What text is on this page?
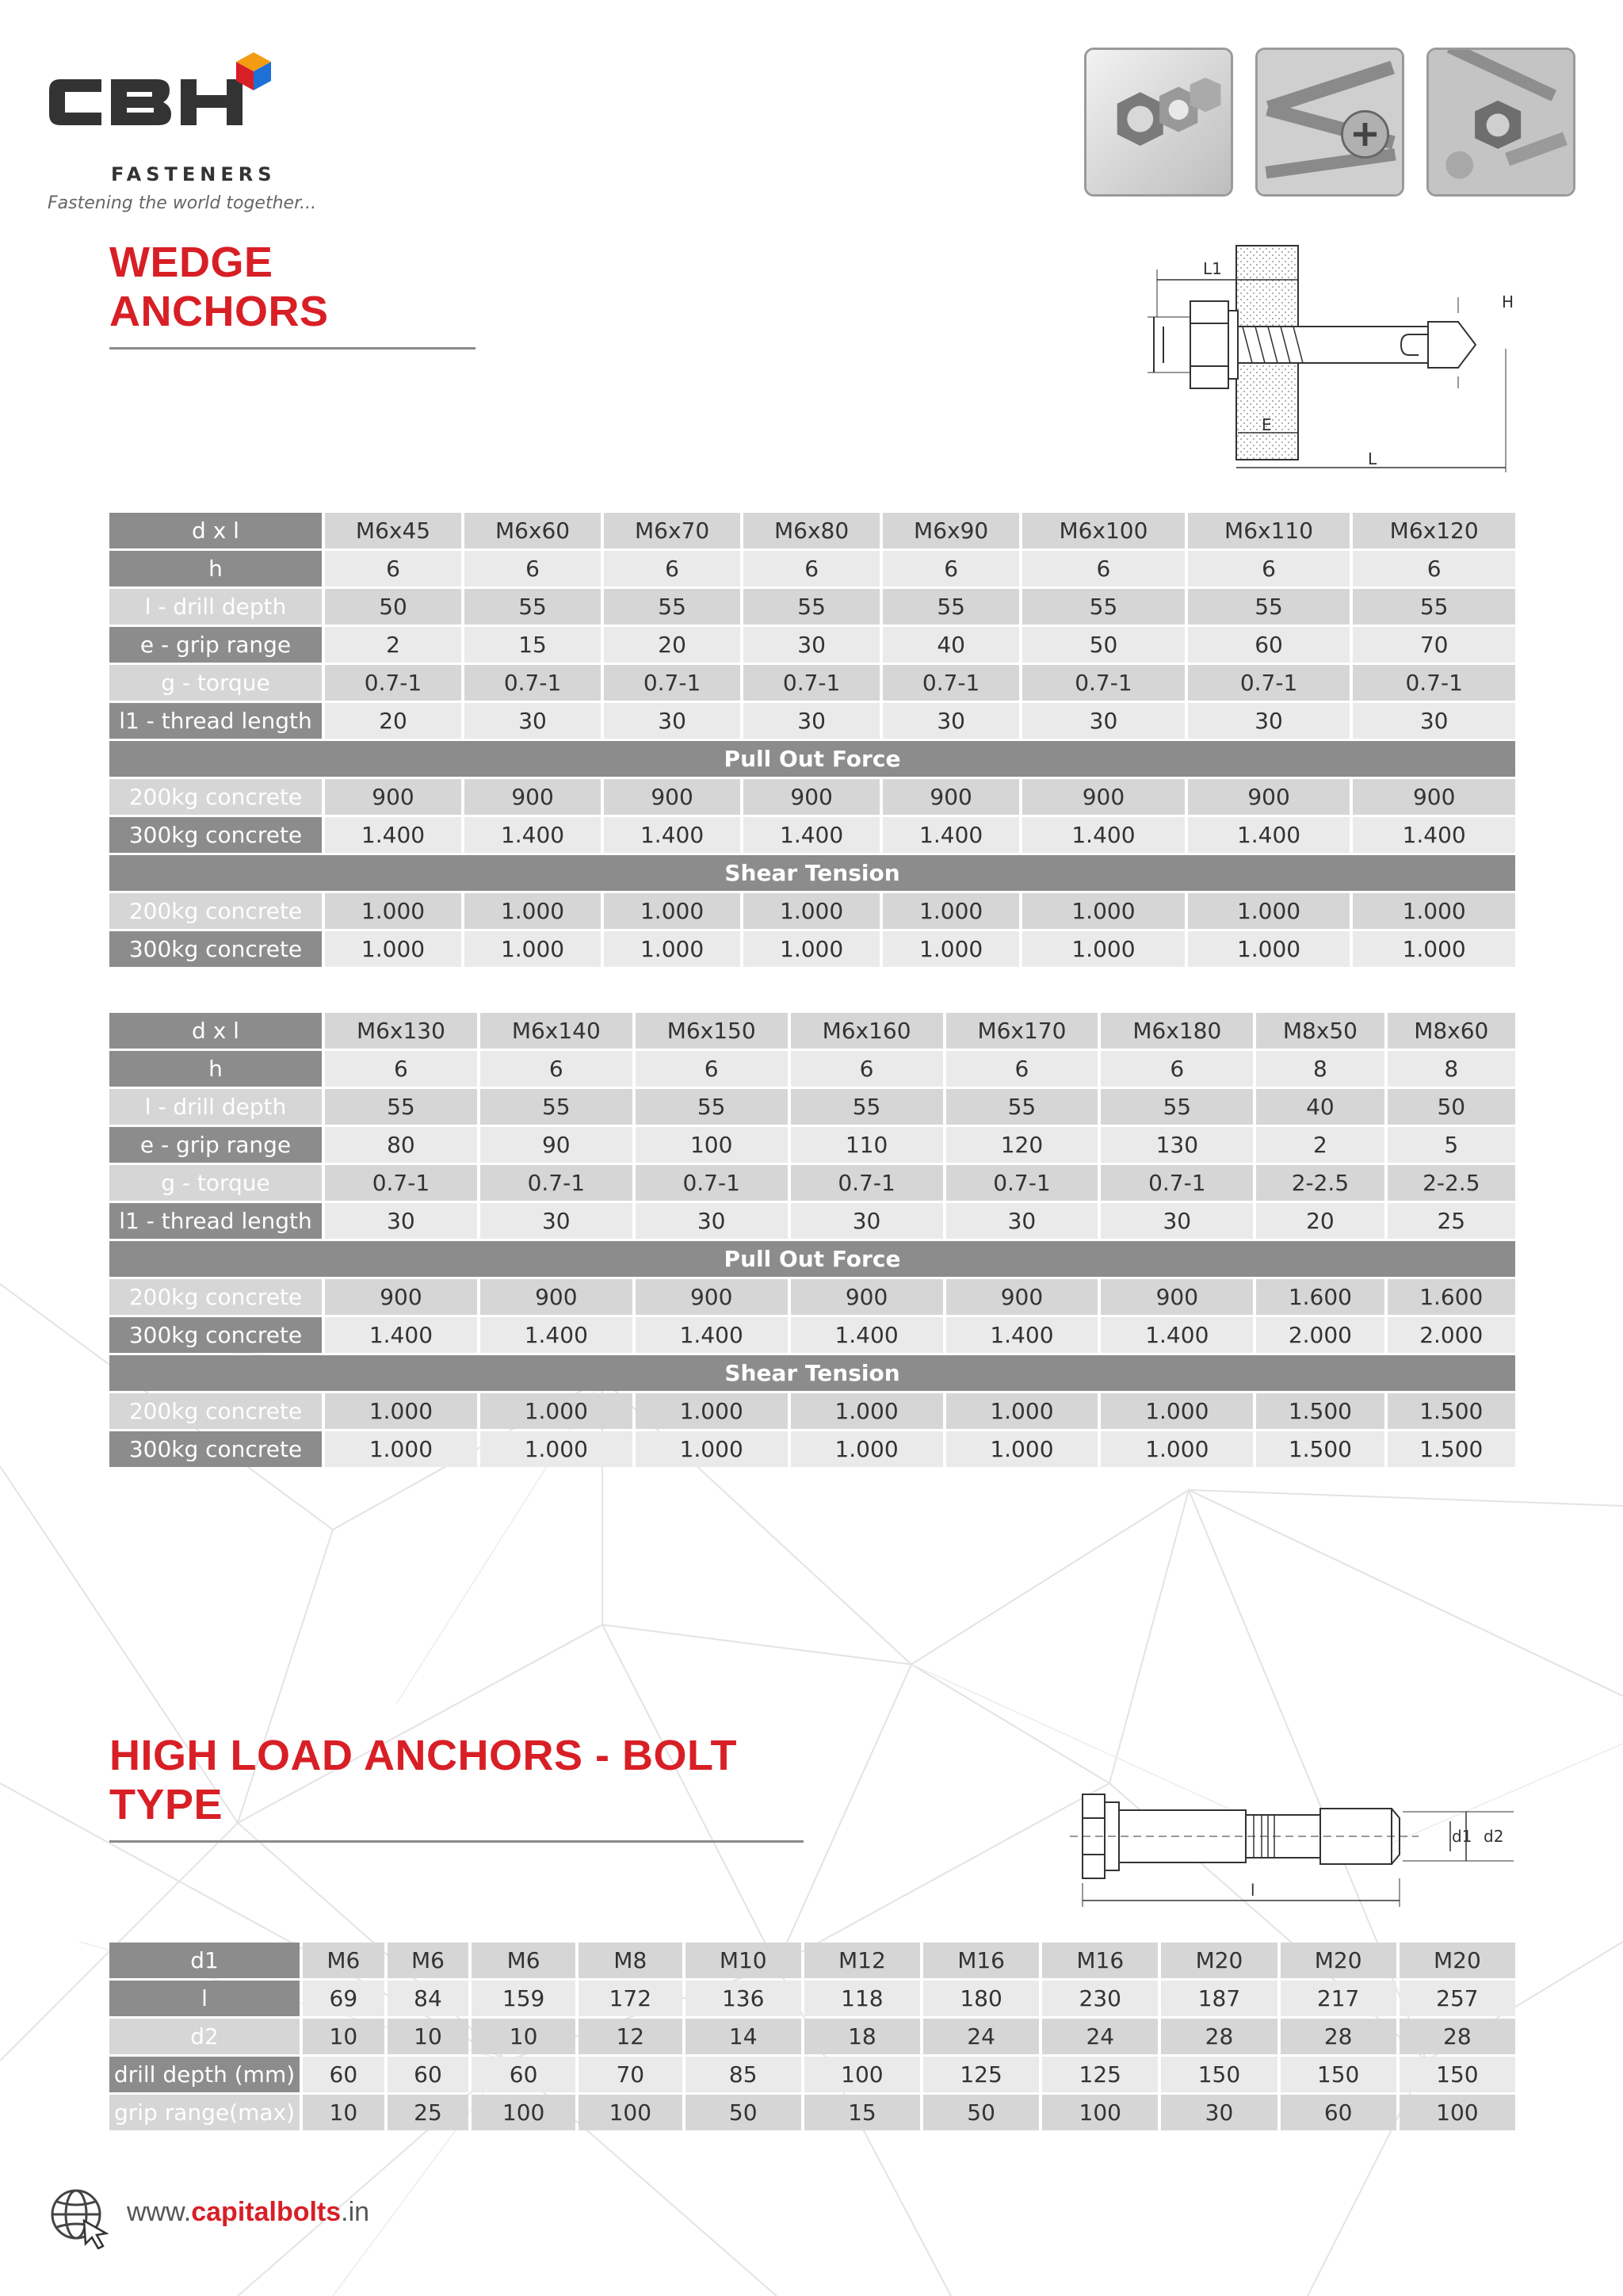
FASTENERS
Fastening the world together...
WEDGE ANCHORS
L1
H
E
L
d x l	M6x45	M6x60	M6x70	M6x80	M6x90	M6x100	M6x110	M6x120
h	6	6	6	6	6	6	6	6
l - drill depth	50	55	55	55	55	55	55	55
e - grip range	2	15	20	30	40	50	60	70
g - torque	0.7-1	0.7-1	0.7-1	0.7-1	0.7-1	0.7-1	0.7-1	0.7-1
l1 - thread length	20	30	30	30	30	30	30	30
Pull Out Force								
200kg concrete	900	900	900	900	900	900	900	900
300kg concrete	1.400	1.400	1.400	1.400	1.400	1.400	1.400	1.400
Shear Tension								
200kg concrete	1.000	1.000	1.000	1.000	1.000	1.000	1.000	1.000
300kg concrete	1.000	1.000	1.000	1.000	1.000	1.000	1.000	1.000
d x l	M6x130	M6x140	M6x150	M6x160	M6x170	M6x180	M8x50	M8x60
h	6	6	6	6	6	6	8	8
l - drill depth	55	55	55	55	55	55	40	50
e - grip range	80	90	100	110	120	130	2	5
g - torque	0.7-1	0.7-1	0.7-1	0.7-1	0.7-1	0.7-1	2-2.5	2-2.5
l1 - thread length	30	30	30	30	30	30	20	25
Pull Out Force								
200kg concrete	900	900	900	900	900	900	1.600	1.600
300kg concrete	1.400	1.400	1.400	1.400	1.400	1.400	2.000	2.000
Shear Tension								
200kg concrete	1.000	1.000	1.000	1.000	1.000	1.000	1.500	1.500
300kg concrete	1.000	1.000	1.000	1.000	1.000	1.000	1.500	1.500
HIGH LOAD ANCHORS - BOLT TYPE
l
d1 d2
d1	M6	M6	M6	M8	M10	M12	M16	M16	M20	M20	M20
l	69	84	159	172	136	118	180	230	187	217	257
d2	10	10	10	12	14	18	24	24	28	28	28
drill depth (mm)	60	60	60	70	85	100	125	125	150	150	150
grip range(max)	10	25	100	100	50	15	50	100	30	60	100
www.capitalbolts.in
